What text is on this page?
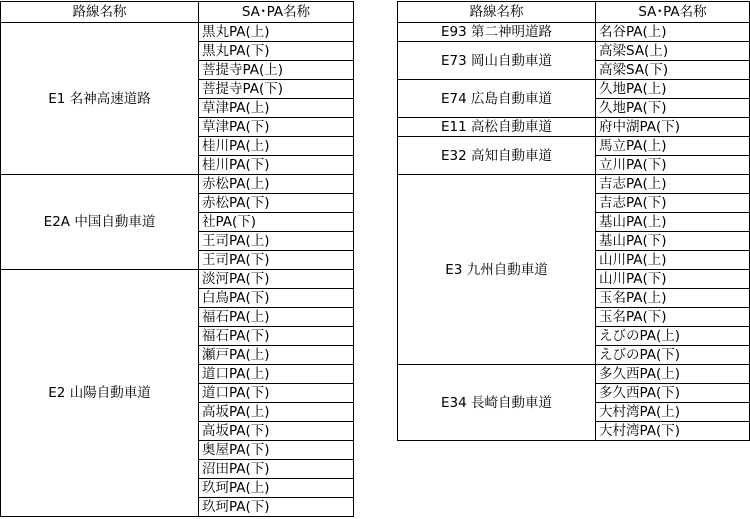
路線名称	SA･PA名称
E1 名神高速道路	黒丸PA(上)
	黒丸PA(下)
	菩提寺PA(上)
	菩提寺PA(下)
	草津PA(上)
	草津PA(下)
	桂川PA(上)
	桂川PA(下)
E2A 中国自動車道	赤松PA(上)
	赤松PA(下)
	社PA(下)
	王司PA(上)
	王司PA(下)
E2 山陽自動車道	淡河PA(下)
	白鳥PA(下)
	福石PA(上)
	福石PA(下)
	瀬戸PA(上)
	道口PA(上)
	道口PA(下)
	高坂PA(上)
	高坂PA(下)
	奥屋PA(下)
	沼田PA(下)
	玖珂PA(上)
	玖珂PA(下)
路線名称	SA･PA名称
E93 第二神明道路	名谷PA(上)
E73 岡山自動車道	高梁SA(上)
	高梁SA(下)
E74 広島自動車道	久地PA(上)
	久地PA(下)
E11 高松自動車道	府中湖PA(下)
E32 高知自動車道	馬立PA(上)
	立川PA(下)
E3 九州自動車道	吉志PA(上)
	吉志PA(下)
	基山PA(上)
	基山PA(下)
	山川PA(上)
	山川PA(下)
	玉名PA(上)
	玉名PA(下)
	えびのPA(上)
	えびのPA(下)
E34 長崎自動車道	多久西PA(上)
	多久西PA(下)
	大村湾PA(上)
	大村湾PA(下)
